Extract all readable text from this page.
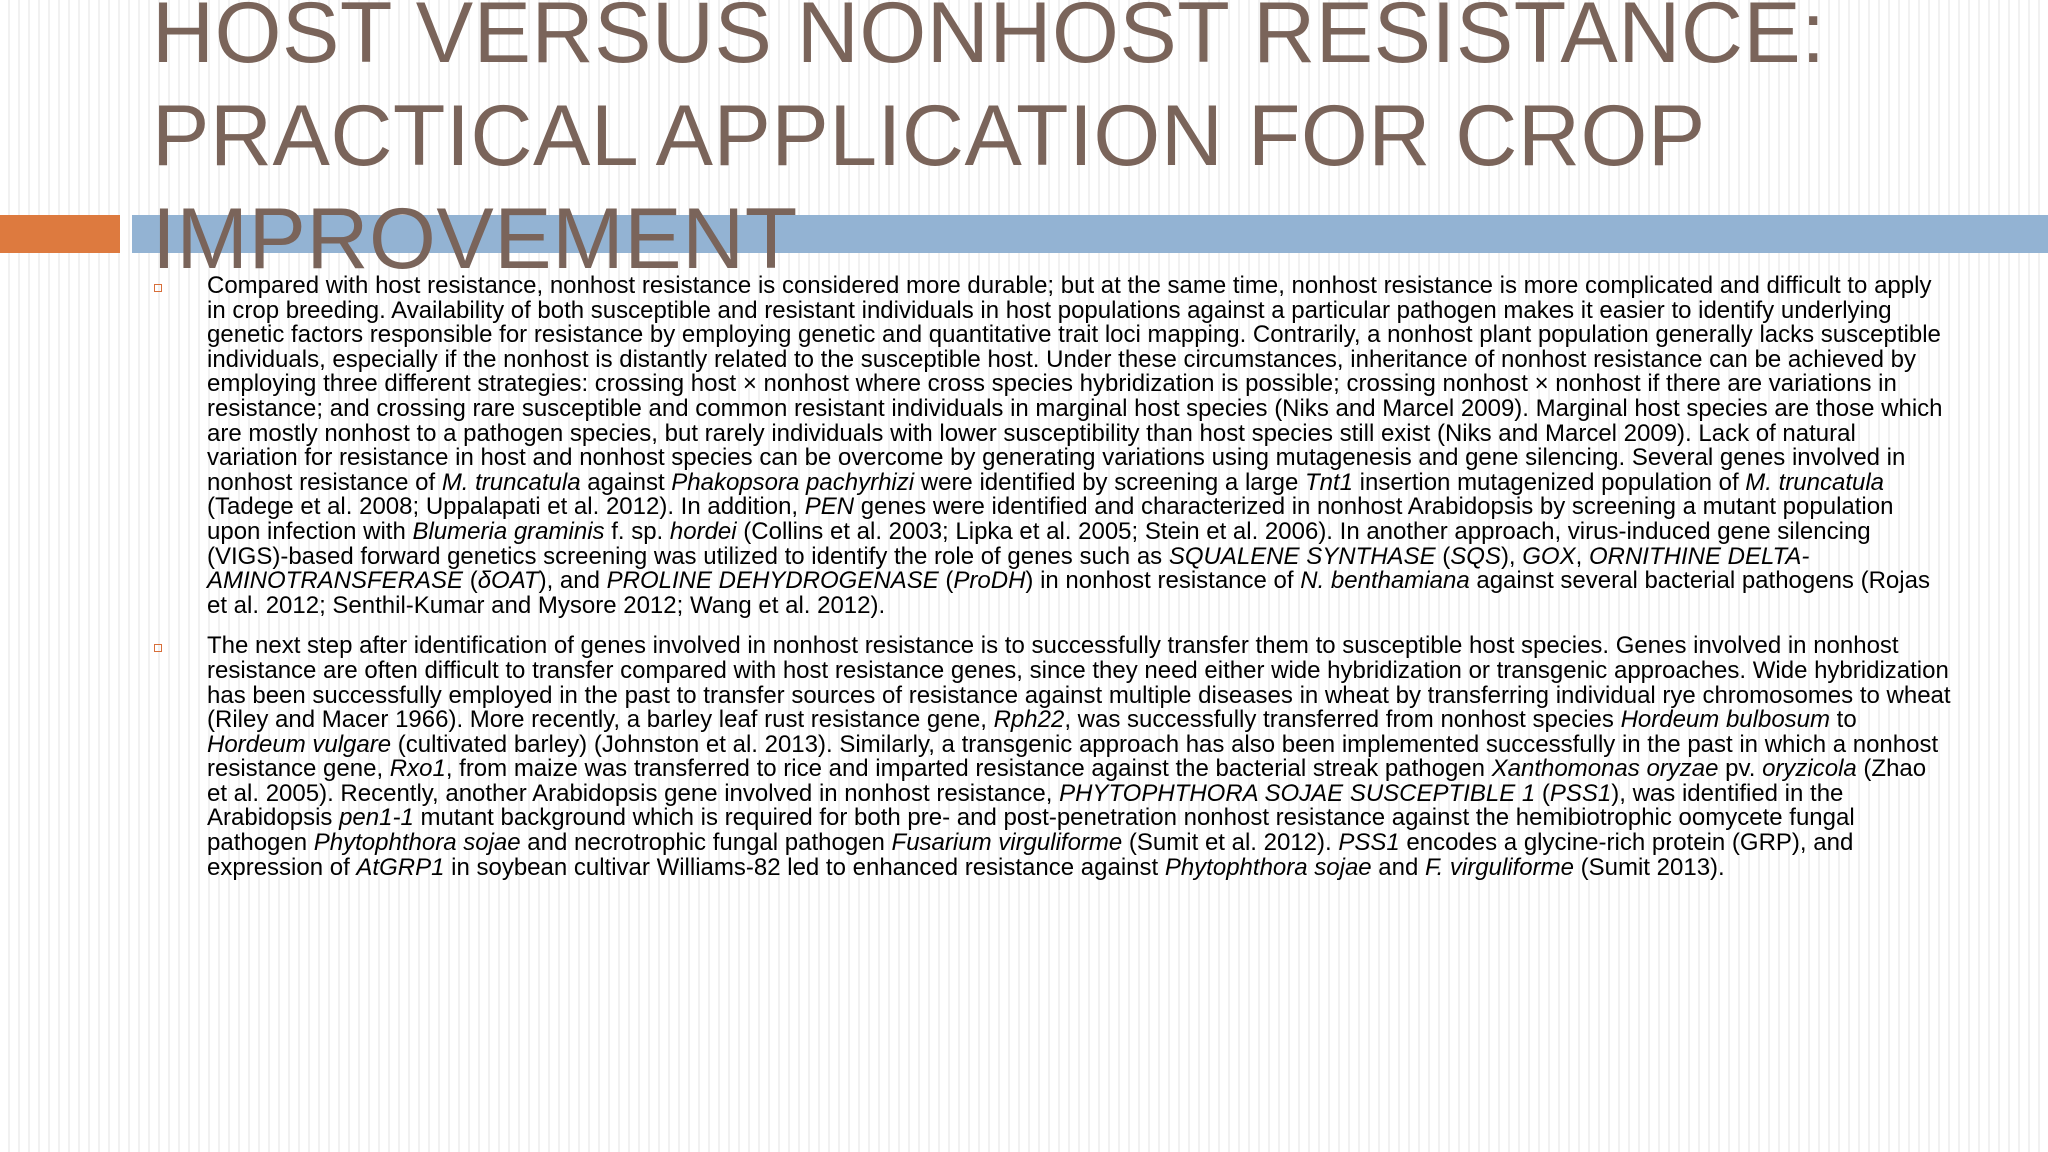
HOST VERSUS NONHOST RESISTANCE: PRACTICAL APPLICATION FOR CROP IMPROVEMENT
Compared with host resistance, nonhost resistance is considered more durable; but at the same time, nonhost resistance is more complicated and difficult to apply in crop breeding. Availability of both susceptible and resistant individuals in host populations against a particular pathogen makes it easier to identify underlying genetic factors responsible for resistance by employing genetic and quantitative trait loci mapping. Contrarily, a nonhost plant population generally lacks susceptible individuals, especially if the nonhost is distantly related to the susceptible host. Under these circumstances, inheritance of nonhost resistance can be achieved by employing three different strategies: crossing host × nonhost where cross species hybridization is possible; crossing nonhost × nonhost if there are variations in resistance; and crossing rare susceptible and common resistant individuals in marginal host species (Niks and Marcel 2009). Marginal host species are those which are mostly nonhost to a pathogen species, but rarely individuals with lower susceptibility than host species still exist (Niks and Marcel 2009). Lack of natural variation for resistance in host and nonhost species can be overcome by generating variations using mutagenesis and gene silencing. Several genes involved in nonhost resistance of M. truncatula against Phakopsora pachyrhizi were identified by screening a large Tnt1 insertion mutagenized population of M. truncatula (Tadege et al. 2008; Uppalapati et al. 2012). In addition, PEN genes were identified and characterized in nonhost Arabidopsis by screening a mutant population upon infection with Blumeria graminis f. sp. hordei (Collins et al. 2003; Lipka et al. 2005; Stein et al. 2006). In another approach, virus-induced gene silencing (VIGS)-based forward genetics screening was utilized to identify the role of genes such as SQUALENE SYNTHASE (SQS), GOX, ORNITHINE DELTA-AMINOTRANSFERASE (δOAT), and PROLINE DEHYDROGENASE (ProDH) in nonhost resistance of N. benthamiana against several bacterial pathogens (Rojas et al. 2012; Senthil-Kumar and Mysore 2012; Wang et al. 2012).
The next step after identification of genes involved in nonhost resistance is to successfully transfer them to susceptible host species. Genes involved in nonhost resistance are often difficult to transfer compared with host resistance genes, since they need either wide hybridization or transgenic approaches. Wide hybridization has been successfully employed in the past to transfer sources of resistance against multiple diseases in wheat by transferring individual rye chromosomes to wheat (Riley and Macer 1966). More recently, a barley leaf rust resistance gene, Rph22, was successfully transferred from nonhost species Hordeum bulbosum to Hordeum vulgare (cultivated barley) (Johnston et al. 2013). Similarly, a transgenic approach has also been implemented successfully in the past in which a nonhost resistance gene, Rxo1, from maize was transferred to rice and imparted resistance against the bacterial streak pathogen Xanthomonas oryzae pv. oryzicola (Zhao et al. 2005). Recently, another Arabidopsis gene involved in nonhost resistance, PHYTOPHTHORA SOJAE SUSCEPTIBLE 1 (PSS1), was identified in the Arabidopsis pen1-1 mutant background which is required for both pre- and post-penetration nonhost resistance against the hemibiotrophic oomycete fungal pathogen Phytophthora sojae and necrotrophic fungal pathogen Fusarium virguliforme (Sumit et al. 2012). PSS1 encodes a glycine-rich protein (GRP), and expression of AtGRP1 in soybean cultivar Williams-82 led to enhanced resistance against Phytophthora sojae and F. virguliforme (Sumit 2013).
